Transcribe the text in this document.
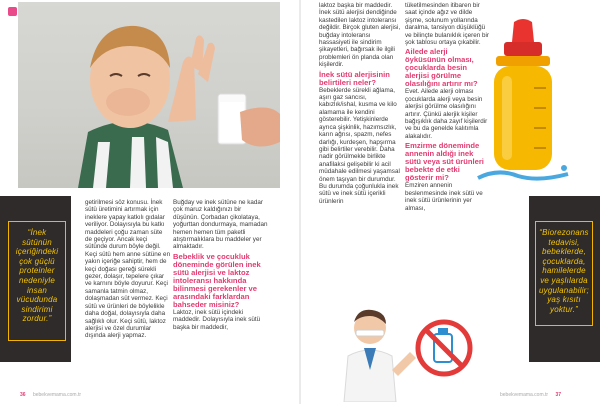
“İnek sütünün içeriğindeki çok güçlü proteinler nedeniyle insan vücudunda sindirimi zordur.”

getirilmesi söz konusu. İnek sütü üretimini artırmak için ineklere yapay katkılı gıdalar veriliyor. Dolayısıyla bu katkı maddeleri çoğu zaman süte de geçiyor. Ancak keçi sütünde durum böyle değil. Keçi sütü hem anne sütüne en yakın içeriğe sahiptir, hem de keçi doğası gereği sürekli gezer, dolaşır, tepelere çıkar ve karnını böyle doyurur. Keçi samanla tatmin olmaz, dolaşmadan süt vermez. Keçi sütü ve ürünleri de böylelikle daha doğal, dolayısıyla daha sağlıklı olur. Keçi sütü, laktoz alerjisi ve özel durumlar dışında alerji yapmaz.

Buğday ve inek sütüne ne kadar çok maruz kaldığınızı bir düşünün. Çorbadan çikolataya, yoğurttan dondurmaya, mamadan hemen hemen tüm paketli atıştırmalıklara bu maddeler yer almaktadır.

Bebeklik ve çocukluk döneminde görülen inek sütü alerjisi ve laktoz intoleransı hakkında bilinmesi gerekenler ve arasındaki farklardan bahseder misiniz?

Laktoz, inek sütü içindeki maddedir. Dolayısıyla inek sütü başka bir maddedir,

laktoz başka bir maddedir. İnek sütü alerjisi dendiğinde kastedilen laktoz intoleransı değildir. Birçok gluten alerjisi, buğday intoleransı hassasiyeti ile sindirim şikayetleri, bağırsak ile ilgili problemleri ön planda olan kişilerdir.

İnek sütü alerjisinin belirtileri neler?

Bebeklerde sürekli ağlama, aşırı gaz sancısı, kabızlık/ishal, kusma ve kilo alamama ile kendini gösterebilir. Yetişkinlerde ayrıca şişkinlik, hazımsızlık, karın ağrısı, spazm, nefes darlığı, kurdeşen, hapşırma gibi belirtiler verebilir. Daha nadir görülmekle birlikte anafilaksi gelişebilir ki acil müdahale edilmesi yaşamsal önem taşıyan bir durumdur. Bu durumda çoğunlukla inek sütü ve inek sütü içerikli ürünlerin

tüketilmesinden itibaren bir saat içinde ağız ve dilde şişme, solunum yollarında daralma, tansiyon düşüklüğü ve bilinçte bulanıklık içeren bir şok tablosu ortaya çıkabilir.

Ailede alerji öyküsünün olması, çocuklarda besin alerjisi görülme olasılığını artırır mı?

Evet. Ailede alerji olması çocuklarda alerji veya besin alerjisi görülme olasılığını artırır. Çünkü alerjik kişiler bağışıklık daha zayıf kişilerdir ve bu da genelde kalıtımla alakalıdır.

Emzirme döneminde annenin aldığı inek sütü veya süt ürünleri bebekte de etki gösterir mi?

Emziren annenin beslenmesinde inek sütü ve inek sütü ürünlerinin yer alması,

“Biorezonans tedavisi, bebeklerde, çocuklarda, hamilelerde ve yaşlılarda uygulanabilir; yaş kısıtı yoktur.”
36 bebekvemama.com.tr	bebekvemama.com.tr 37
